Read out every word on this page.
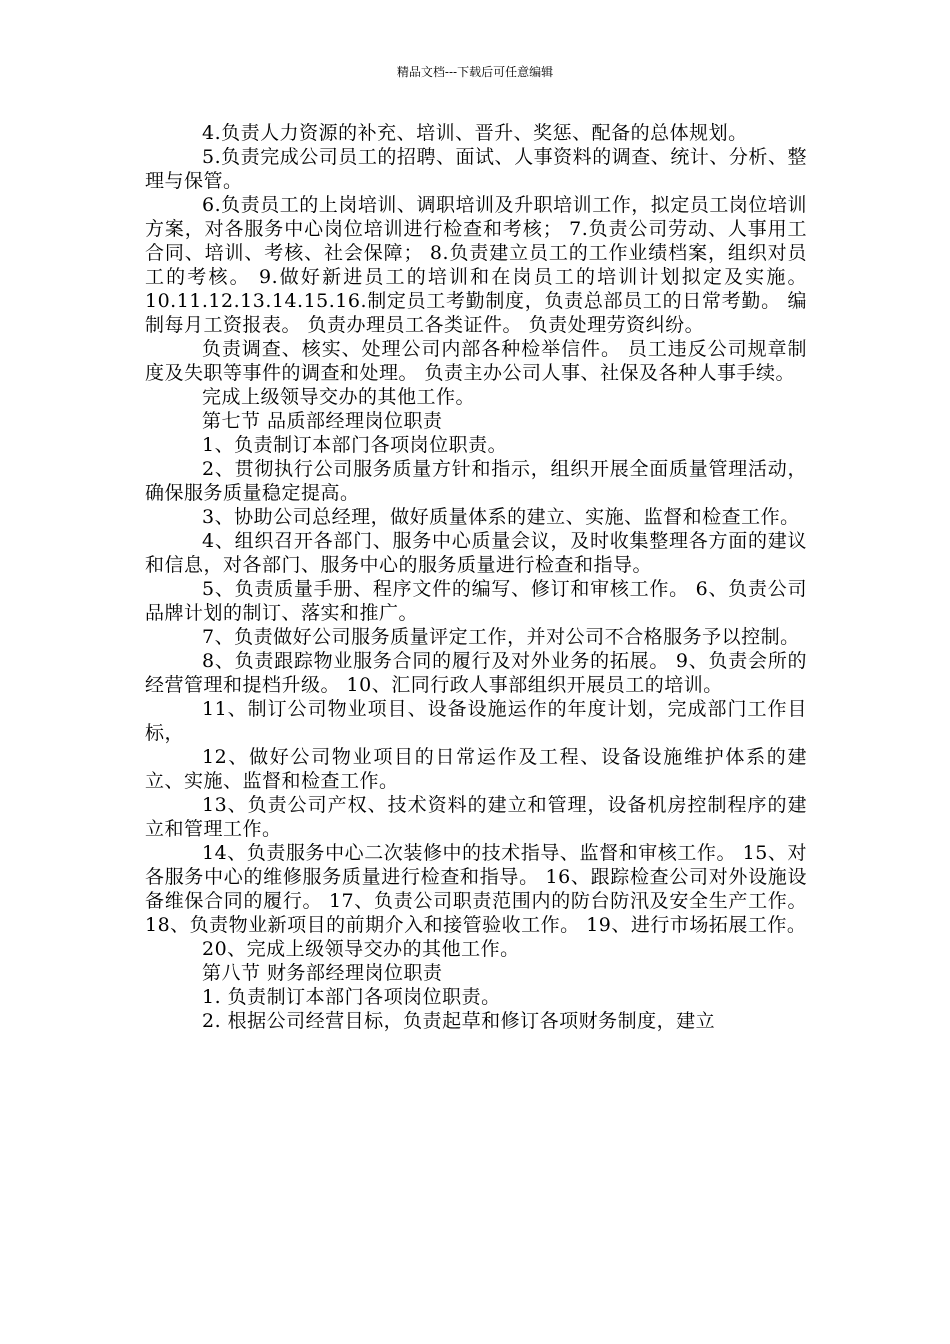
精品文档---下载后可任意编辑

4.负责人力资源的补充、培训、晋升、奖惩、配备的总体规划。

5.负责完成公司员工的招聘、面试、人事资料的调查、统计、分析、整理与保管。

6.负责员工的上岗培训、调职培训及升职培训工作，拟定员工岗位培训方案，对各服务中心岗位培训进行检查和考核； 7.负责公司劳动、人事用工合同、培训、考核、社会保障； 8.负责建立员工的工作业绩档案，组织对员工的考核。 9.做好新进员工的培训和在岗员工的培训计划拟定及实施。 10.11.12.13.14.15.16.制定员工考勤制度，负责总部员工的日常考勤。 编制每月工资报表。 负责办理员工各类证件。 负责处理劳资纠纷。

负责调查、核实、处理公司内部各种检举信件。 员工违反公司规章制度及失职等事件的调查和处理。 负责主办公司人事、社保及各种人事手续。

完成上级领导交办的其他工作。

第七节 品质部经理岗位职责

1、负责制订本部门各项岗位职责。

2、贯彻执行公司服务质量方针和指示，组织开展全面质量管理活动，确保服务质量稳定提高。

3、协助公司总经理，做好质量体系的建立、实施、监督和检查工作。

4、组织召开各部门、服务中心质量会议，及时收集整理各方面的建议和信息，对各部门、服务中心的服务质量进行检查和指导。

5、负责质量手册、程序文件的编写、修订和审核工作。 6、负责公司品牌计划的制订、落实和推广。

7、负责做好公司服务质量评定工作，并对公司不合格服务予以控制。

8、负责跟踪物业服务合同的履行及对外业务的拓展。 9、负责会所的经营管理和提档升级。 10、汇同行政人事部组织开展员工的培训。

11、制订公司物业项目、设备设施运作的年度计划，完成部门工作目标，

12、做好公司物业项目的日常运作及工程、设备设施维护体系的建立、实施、监督和检查工作。

13、负责公司产权、技术资料的建立和管理，设备机房控制程序的建立和管理工作。

14、负责服务中心二次装修中的技术指导、监督和审核工作。 15、对各服务中心的维修服务质量进行检查和指导。 16、跟踪检查公司对外设施设备维保合同的履行。 17、负责公司职责范围内的防台防汛及安全生产工作。 18、负责物业新项目的前期介入和接管验收工作。 19、进行市场拓展工作。

20、完成上级领导交办的其他工作。

第八节 财务部经理岗位职责

1. 负责制订本部门各项岗位职责。

2. 根据公司经营目标，负责起草和修订各项财务制度，建立
